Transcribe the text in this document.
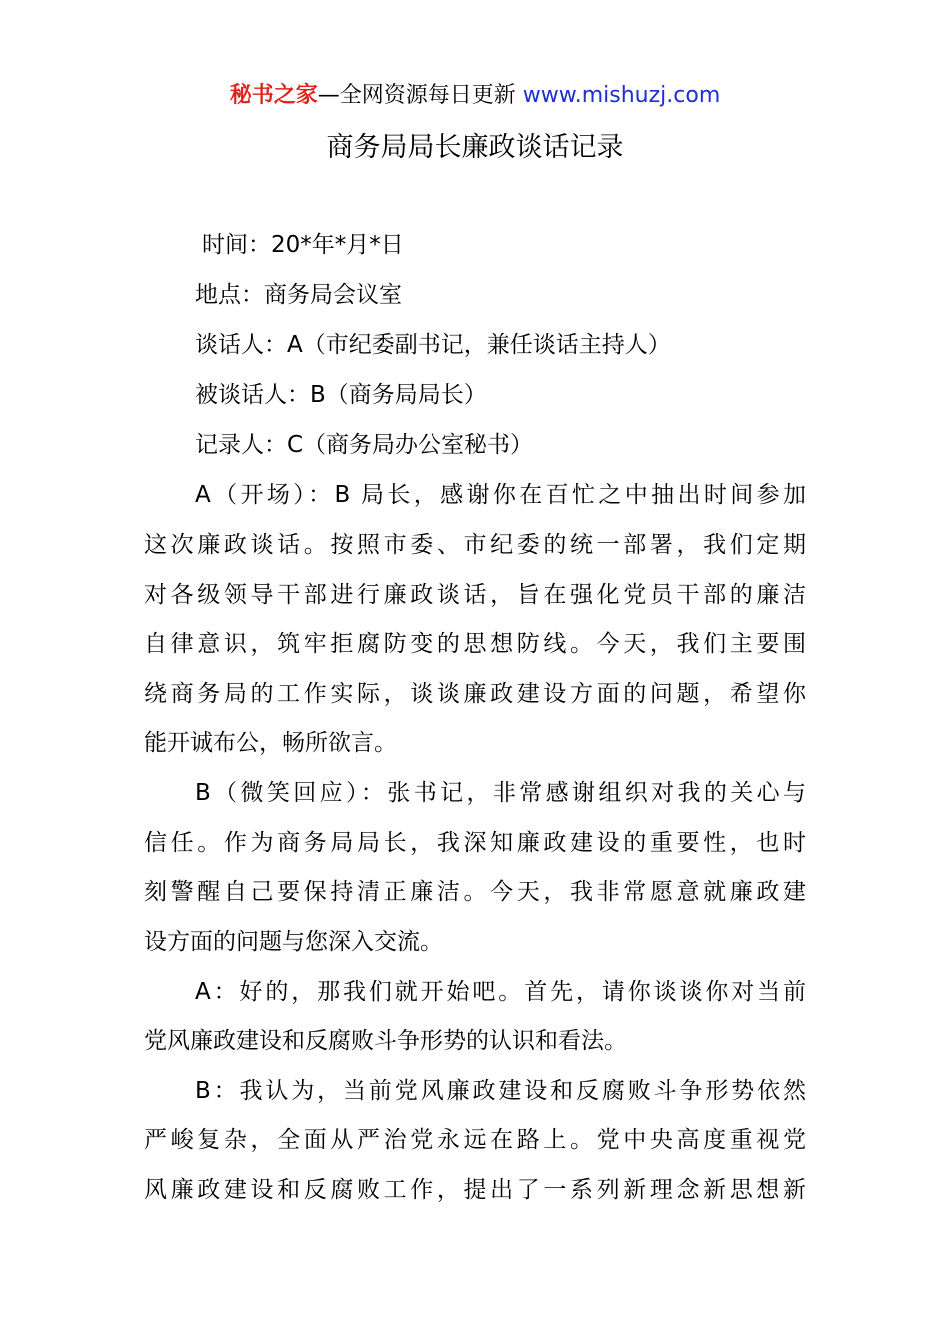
秘书之家—全网资源每日更新 www.mishuzj.com
商务局局长廉政谈话记录
时间：20*年*月*日
地点：商务局会议室
谈话人：A（市纪委副书记，兼任谈话主持人）
被谈话人：B（商务局局长）
记录人：C（商务局办公室秘书）
A（开场）：B 局长，感谢你在百忙之中抽出时间参加
这次廉政谈话。按照市委、市纪委的统一部署，我们定期
对各级领导干部进行廉政谈话，旨在强化党员干部的廉洁
自律意识，筑牢拒腐防变的思想防线。今天，我们主要围
绕商务局的工作实际，谈谈廉政建设方面的问题，希望你
能开诚布公，畅所欲言。
B（微笑回应）：张书记，非常感谢组织对我的关心与
信任。作为商务局局长，我深知廉政建设的重要性，也时
刻警醒自己要保持清正廉洁。今天，我非常愿意就廉政建
设方面的问题与您深入交流。
A：好的，那我们就开始吧。首先，请你谈谈你对当前
党风廉政建设和反腐败斗争形势的认识和看法。
B：我认为，当前党风廉政建设和反腐败斗争形势依然
严峻复杂，全面从严治党永远在路上。党中央高度重视党
风廉政建设和反腐败工作，提出了一系列新理念新思想新
